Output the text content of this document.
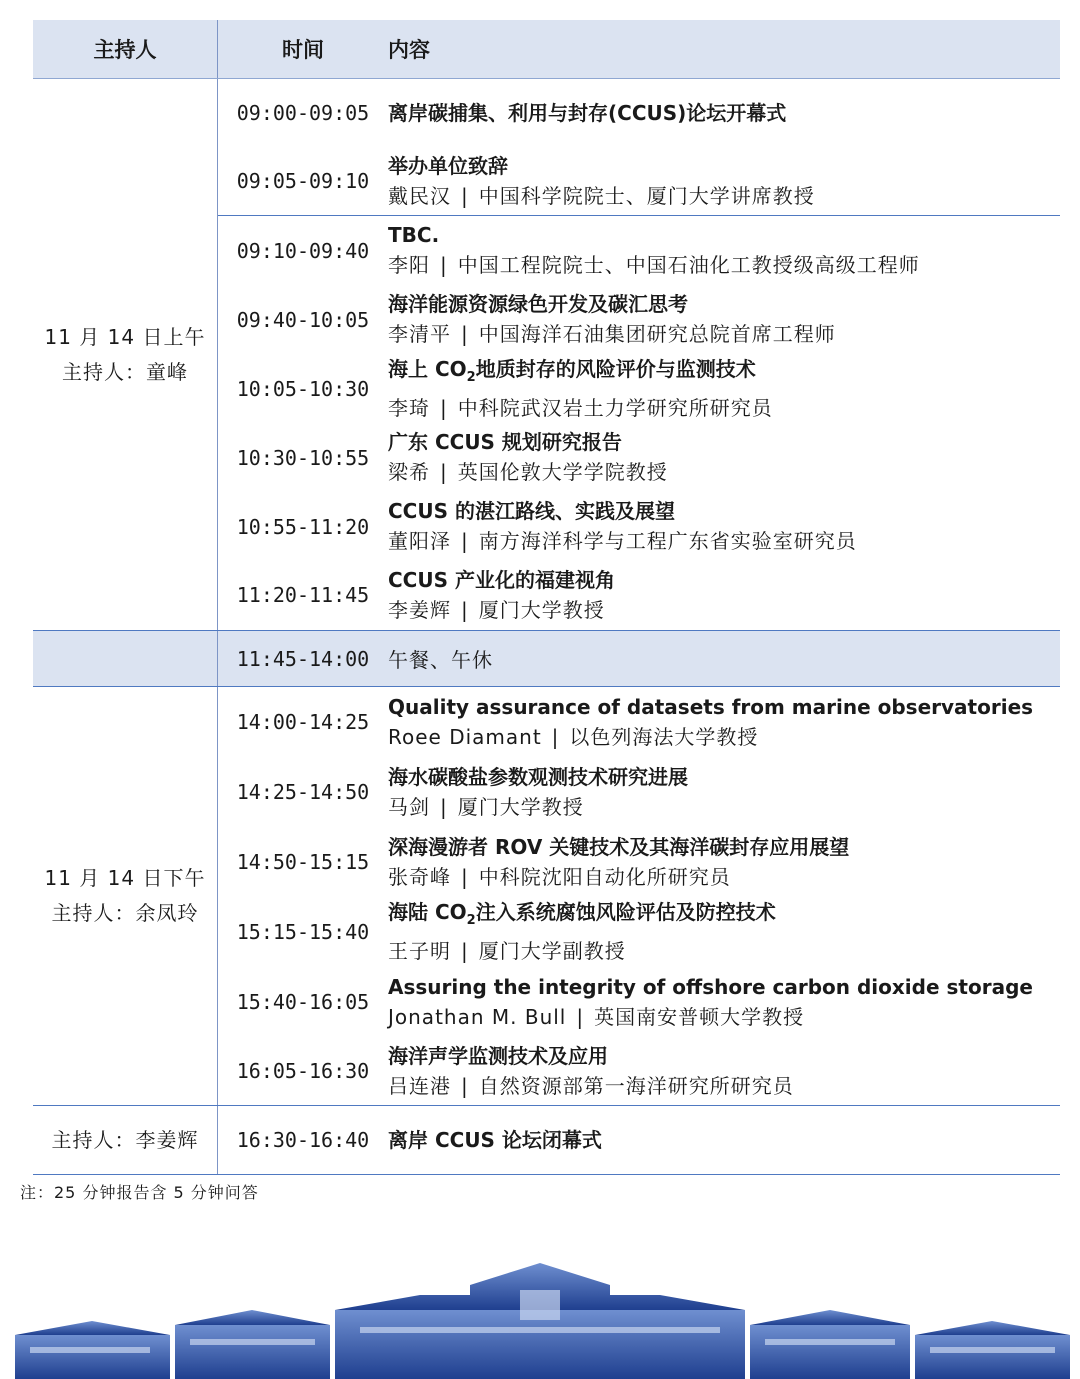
主持人	时间	内容
11 月 14 日上午
主持人：童峰
09:00-09:05 离岸碳捕集、利用与封存(CCUS)论坛开幕式
09:05-09:10
举办单位致辞
戴民汉 | 中国科学院院士、厦门大学讲席教授
09:10-09:40
TBC.
李阳 | 中国工程院院士、中国石油化工教授级高级工程师
09:40-10:05
海洋能源资源绿色开发及碳汇思考
李清平 | 中国海洋石油集团研究总院首席工程师
10:05-10:30
海上 $CO_2$地质封存的风险评价与监测技术
李琦 | 中科院武汉岩土力学研究所研究员
10:30-10:55
广东 CCUS 规划研究报告
梁希 | 英国伦敦大学学院教授
10:55-11:20
CCUS 的湛江路线、实践及展望
董阳泽 | 南方海洋科学与工程广东省实验室研究员
11:20-11:45
CCUS 产业化的福建视角
李姜辉 | 厦门大学教授
11:45-14:00 午餐、午休
11 月 14 日下午
主持人：余凤玲
14:00-14:25
Quality assurance of datasets from marine observatories
Roee Diamant | 以色列海法大学教授
14:25-14:50
海水碳酸盐参数观测技术研究进展
马剑 | 厦门大学教授
14:50-15:15
深海漫游者 ROV 关键技术及其海洋碳封存应用展望
张奇峰 | 中科院沈阳自动化所研究员
15:15-15:40
海陆 $CO_2$注入系统腐蚀风险评估及防控技术
王子明 | 厦门大学副教授
15:40-16:05
Assuring the integrity of offshore carbon dioxide storage
Jonathan M. Bull | 英国南安普顿大学教授
16:05-16:30
海洋声学监测技术及应用
吕连港 | 自然资源部第一海洋研究所研究员
主持人：李姜辉	16:30-16:40 离岸 CCUS 论坛闭幕式
注：25 分钟报告含 5 分钟问答
